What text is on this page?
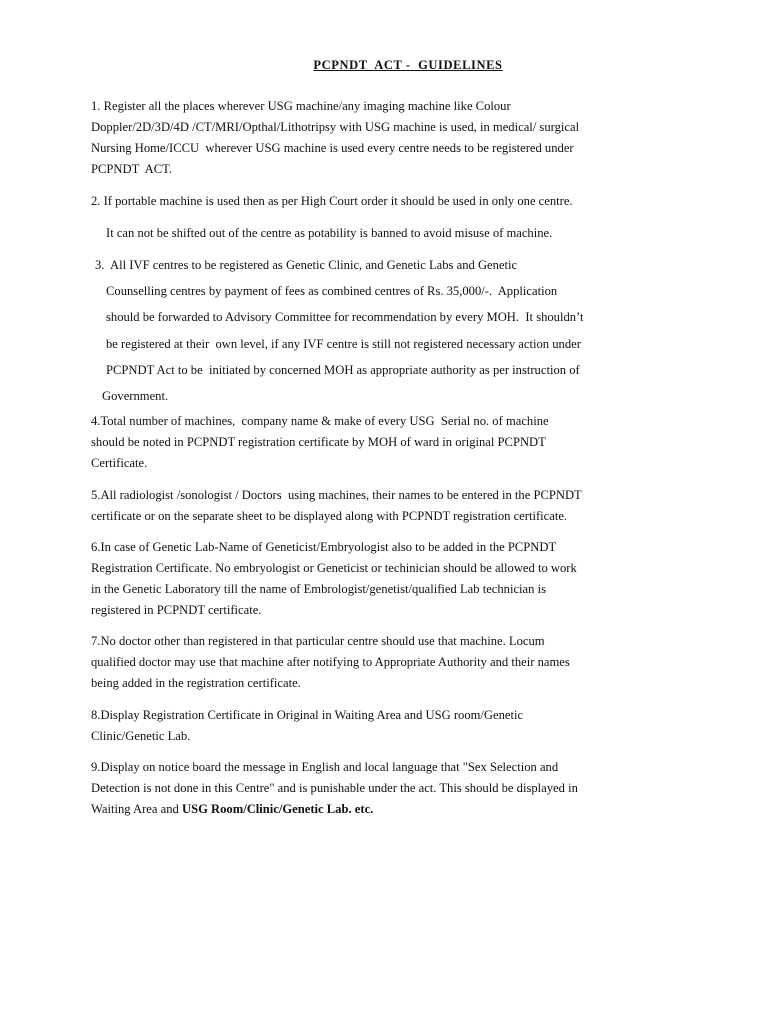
PCPNDT  ACT -  GUIDELINES
1. Register all the places wherever USG machine/any imaging machine like Colour
Doppler/2D/3D/4D /CT/MRI/Opthal/Lithotripsy with USG machine is used, in medical/ surgical
Nursing Home/ICCU  wherever USG machine is used every centre needs to be registered under
PCPNDT  ACT.
2. If portable machine is used then as per High Court order it should be used in only one centre.
It can not be shifted out of the centre as potability is banned to avoid misuse of machine.
3.  All IVF centres to be registered as Genetic Clinic, and Genetic Labs and Genetic
Counselling centres by payment of fees as combined centres of Rs. 35,000/-.  Application
should be forwarded to Advisory Committee for recommendation by every MOH.  It shouldn’t
be registered at their  own level, if any IVF centre is still not registered necessary action under
PCPNDT Act to be  initiated by concerned MOH as appropriate authority as per instruction of
Government.
4.Total number of machines,  company name & make of every USG  Serial no. of machine
should be noted in PCPNDT registration certificate by MOH of ward in original PCPNDT
Certificate.
5.All radiologist /sonologist / Doctors  using machines, their names to be entered in the PCPNDT
certificate or on the separate sheet to be displayed along with PCPNDT registration certificate.
6.In case of Genetic Lab-Name of Geneticist/Embryologist also to be added in the PCPNDT
Registration Certificate. No embryologist or Geneticist or techinician should be allowed to work
in the Genetic Laboratory till the name of Embrologist/genetist/qualified Lab technician is
registered in PCPNDT certificate.
7.No doctor other than registered in that particular centre should use that machine. Locum
qualified doctor may use that machine after notifying to Appropriate Authority and their names
being added in the registration certificate.
8.Display Registration Certificate in Original in Waiting Area and USG room/Genetic
Clinic/Genetic Lab.
9.Display on notice board the message in English and local language that "Sex Selection and
Detection is not done in this Centre" and is punishable under the act. This should be displayed in
Waiting Area and USG Room/Clinic/Genetic Lab. etc.
